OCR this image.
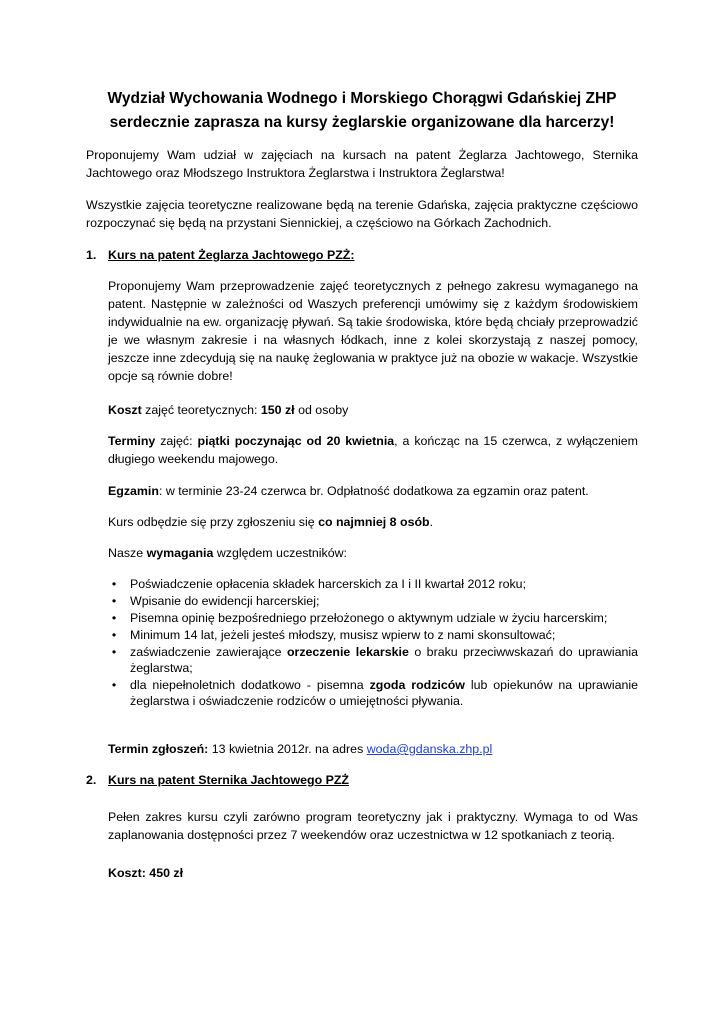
Wydział Wychowania Wodnego i Morskiego Chorągwi Gdańskiej ZHP
serdecznie zaprasza na kursy żeglarskie organizowane dla harcerzy!

Proponujemy Wam udział w zajęciach na kursach na patent Żeglarza Jachtowego, Sternika Jachtowego oraz Młodszego Instruktora Żeglarstwa i Instruktora Żeglarstwa!

Wszystkie zajęcia teoretyczne realizowane będą na terenie Gdańska, zajęcia praktyczne częściowo rozpoczynać się będą na przystani Siennickiej, a częściowo na Górkach Zachodnich.

1. Kurs na patent Żeglarza Jachtowego PZŻ:

Proponujemy Wam przeprowadzenie zajęć teoretycznych z pełnego zakresu wymaganego na patent. Następnie w zależności od Waszych preferencji umówimy się z każdym środowiskiem indywidualnie na ew. organizację pływań. Są takie środowiska, które będą chciały przeprowadzić je we własnym zakresie i na własnych łódkach, inne z kolei skorzystają z naszej pomocy, jeszcze inne zdecydują się na naukę żeglowania w praktyce już na obozie w wakacje. Wszystkie opcje są równie dobre!

Koszt zajęć teoretycznych: 150 zł od osoby

Terminy zajęć: piątki poczynając od 20 kwietnia, a kończąc na 15 czerwca, z wyłączeniem długiego weekendu majowego.

Egzamin: w terminie 23-24 czerwca br. Odpłatność dodatkowa za egzamin oraz patent.

Kurs odbędzie się przy zgłoszeniu się co najmniej 8 osób.

Nasze wymagania względem uczestników:

•	Poświadczenie opłacenia składek harcerskich za I i II kwartał 2012 roku;
•	Wpisanie do ewidencji harcerskiej;
•	Pisemna opinię bezpośredniego przełożonego o aktywnym udziale w życiu harcerskim;
•	Minimum 14 lat, jeżeli jesteś młodszy, musisz wpierw to z nami skonsultować;
•	zaświadczenie zawierające orzeczenie lekarskie o braku przeciwwskazań do uprawiania żeglarstwa;
•	dla niepełnoletnich dodatkowo - pisemna zgoda rodziców lub opiekunów na uprawianie żeglarstwa i oświadczenie rodziców o umiejętności pływania.

Termin zgłoszeń: 13 kwietnia 2012r. na adres woda@gdanska.zhp.pl

2. Kurs na patent Sternika Jachtowego PZŻ

Pełen zakres kursu czyli zarówno program teoretyczny jak i praktyczny. Wymaga to od Was zaplanowania dostępności przez 7 weekendów oraz uczestnictwa w 12 spotkaniach z teorią.

Koszt: 450 zł
